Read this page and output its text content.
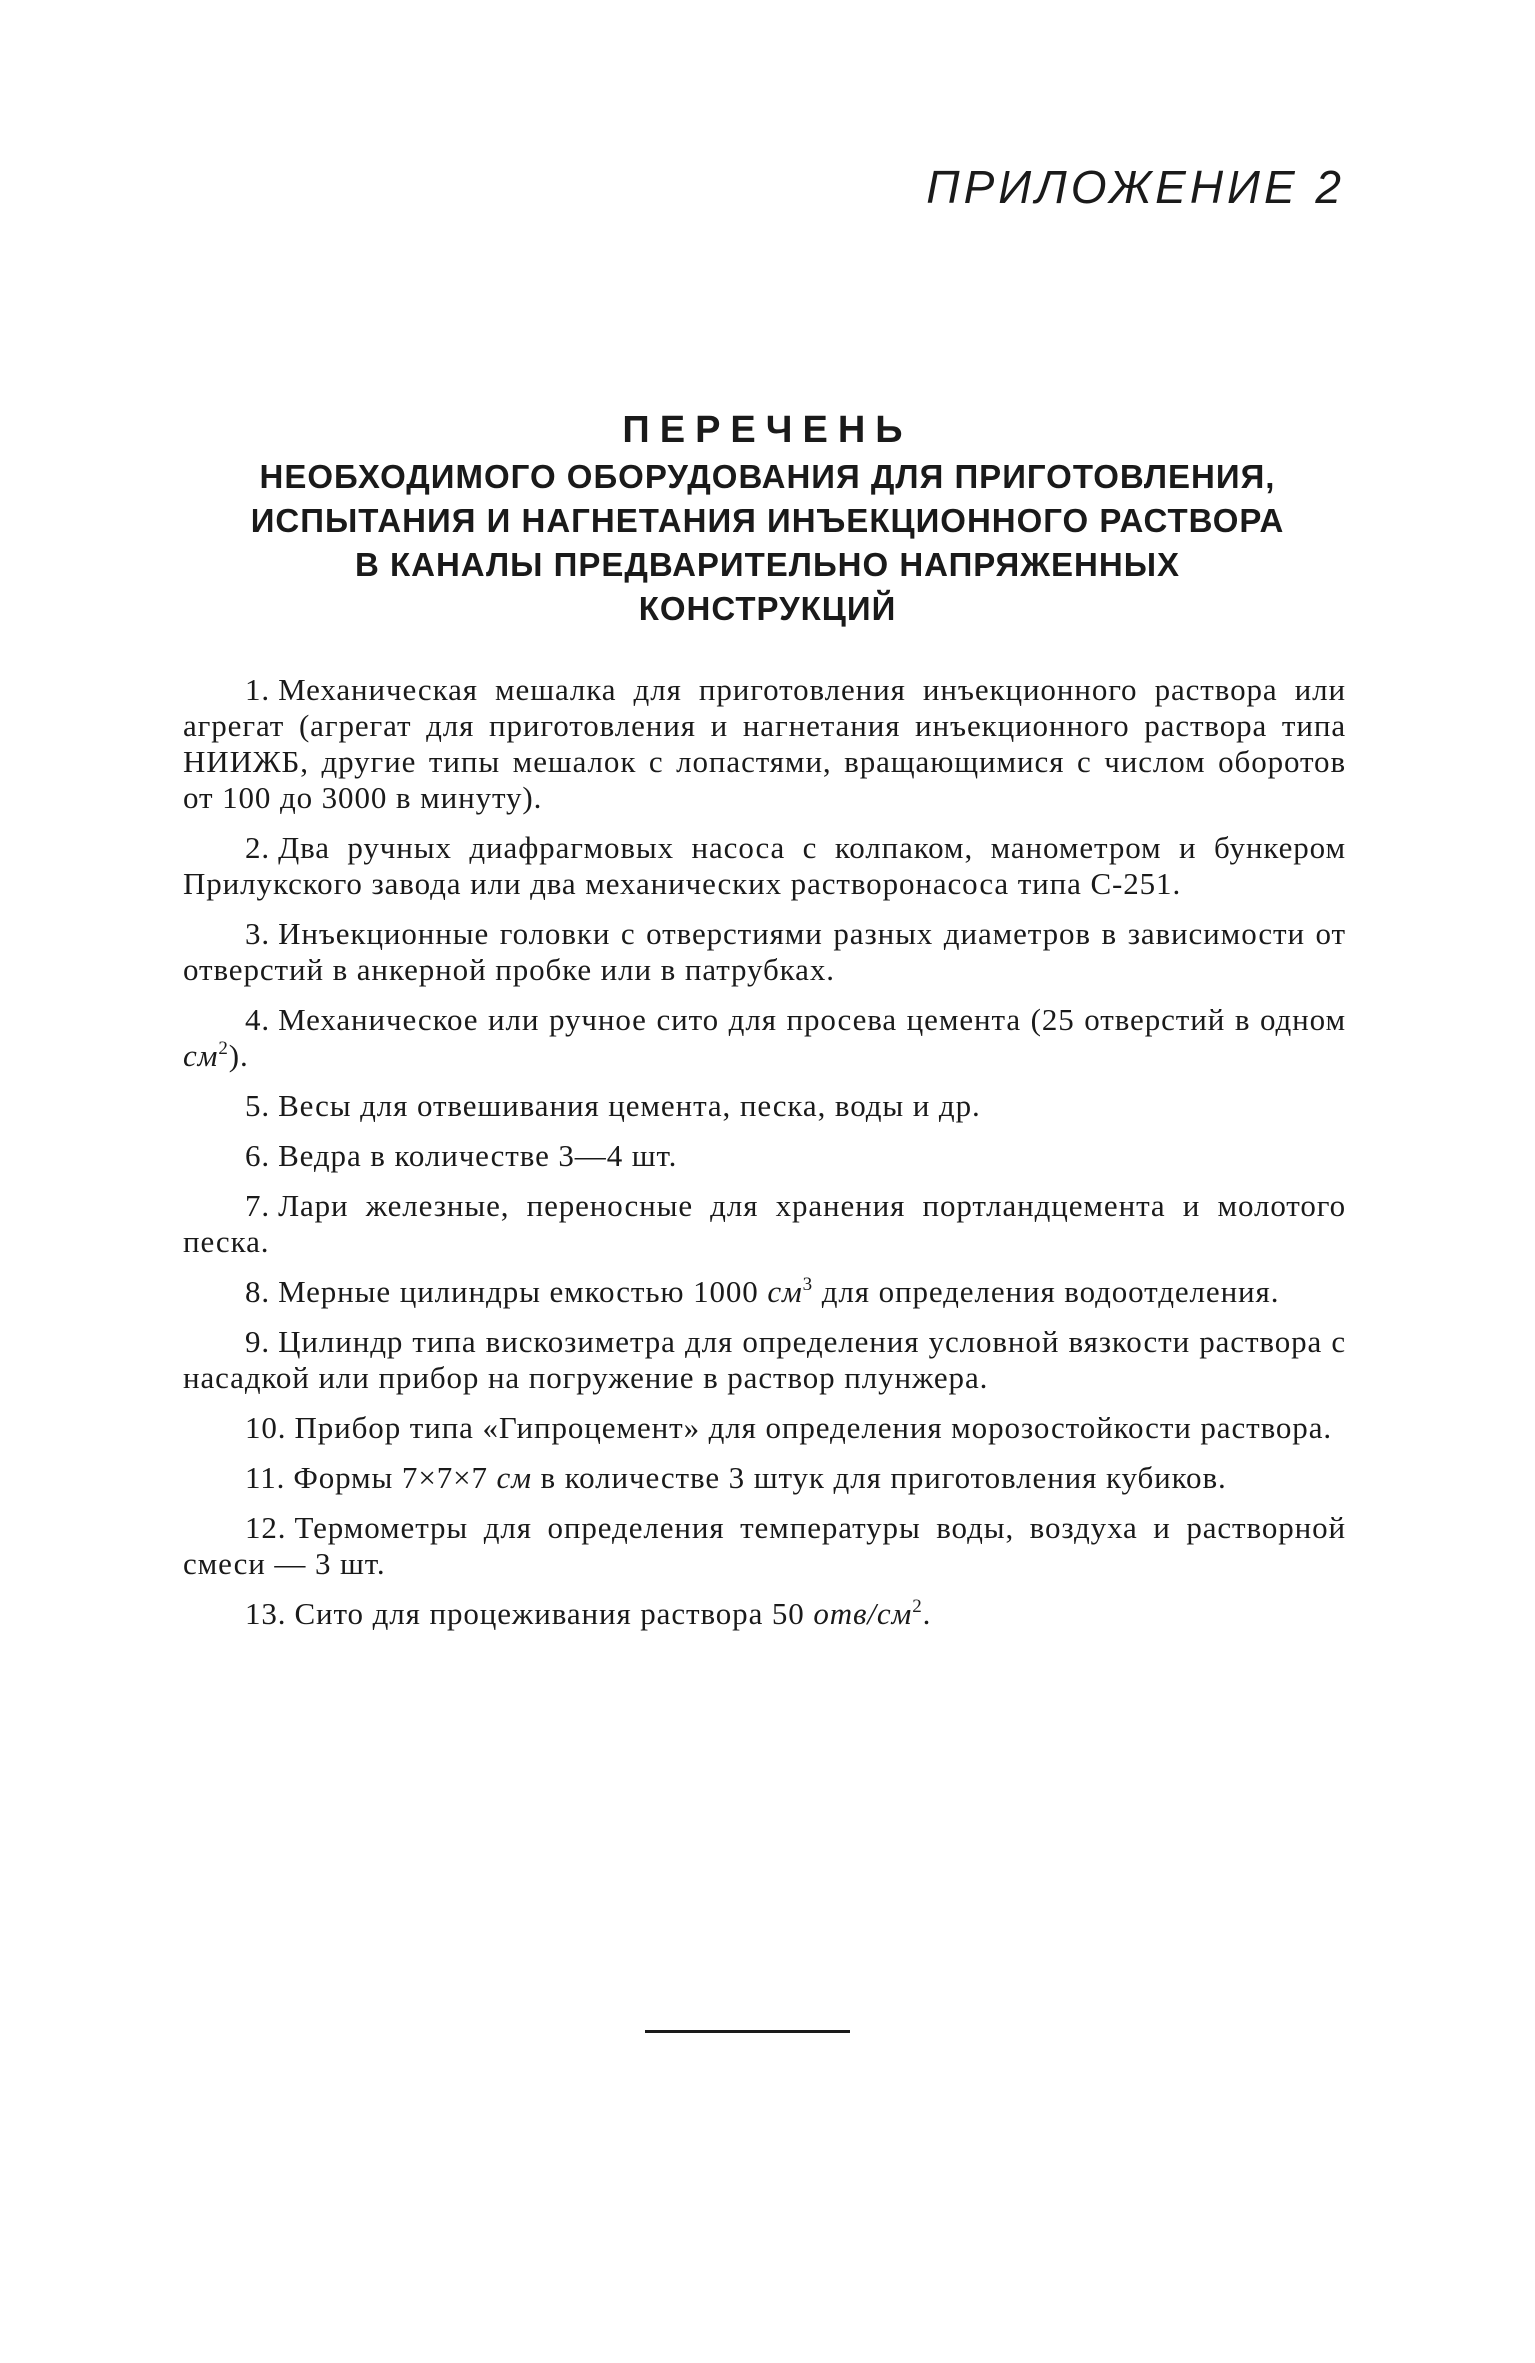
ПРИЛОЖЕНИЕ 2
ПЕРЕЧЕНЬ
НЕОБХОДИМОГО ОБОРУДОВАНИЯ ДЛЯ ПРИГОТОВЛЕНИЯ,
ИСПЫТАНИЯ И НАГНЕТАНИЯ ИНЪЕКЦИОННОГО РАСТВОРА
В КАНАЛЫ ПРЕДВАРИТЕЛЬНО НАПРЯЖЕННЫХ
КОНСТРУКЦИЙ

1. Механическая мешалка для приготовления инъекционного раствора или агрегат (агрегат для приготовления и нагнетания инъекционного раствора типа НИИЖБ, другие типы мешалок с лопастями, вращающимися с числом оборотов от 100 до 3000 в минуту).

2. Два ручных диафрагмовых насоса с колпаком, манометром и бункером Прилукского завода или два механических растворонасоса типа С-251.

3. Инъекционные головки с отверстиями разных диаметров в зависимости от отверстий в анкерной пробке или в патрубках.

4. Механическое или ручное сито для просева цемента (25 отверстий в одном $см^2$).

5. Весы для отвешивания цемента, песка, воды и др.

6. Ведра в количестве 3—4 шт.

7. Лари железные, переносные для хранения портландцемента и молотого песка.

8. Мерные цилиндры емкостью 1000 $см^3$ для определения водоотделения.

9. Цилиндр типа вискозиметра для определения условной вязкости раствора с насадкой или прибор на погружение в раствор плунжера.

10. Прибор типа «Гипроцемент» для определения морозостойкости раствора.

11. Формы 7×7×7 см в количестве 3 штук для приготовления кубиков.

12. Термометры для определения температуры воды, воздуха и растворной смеси — 3 шт.

13. Сито для процеживания раствора 50 отв/$см^2$.
